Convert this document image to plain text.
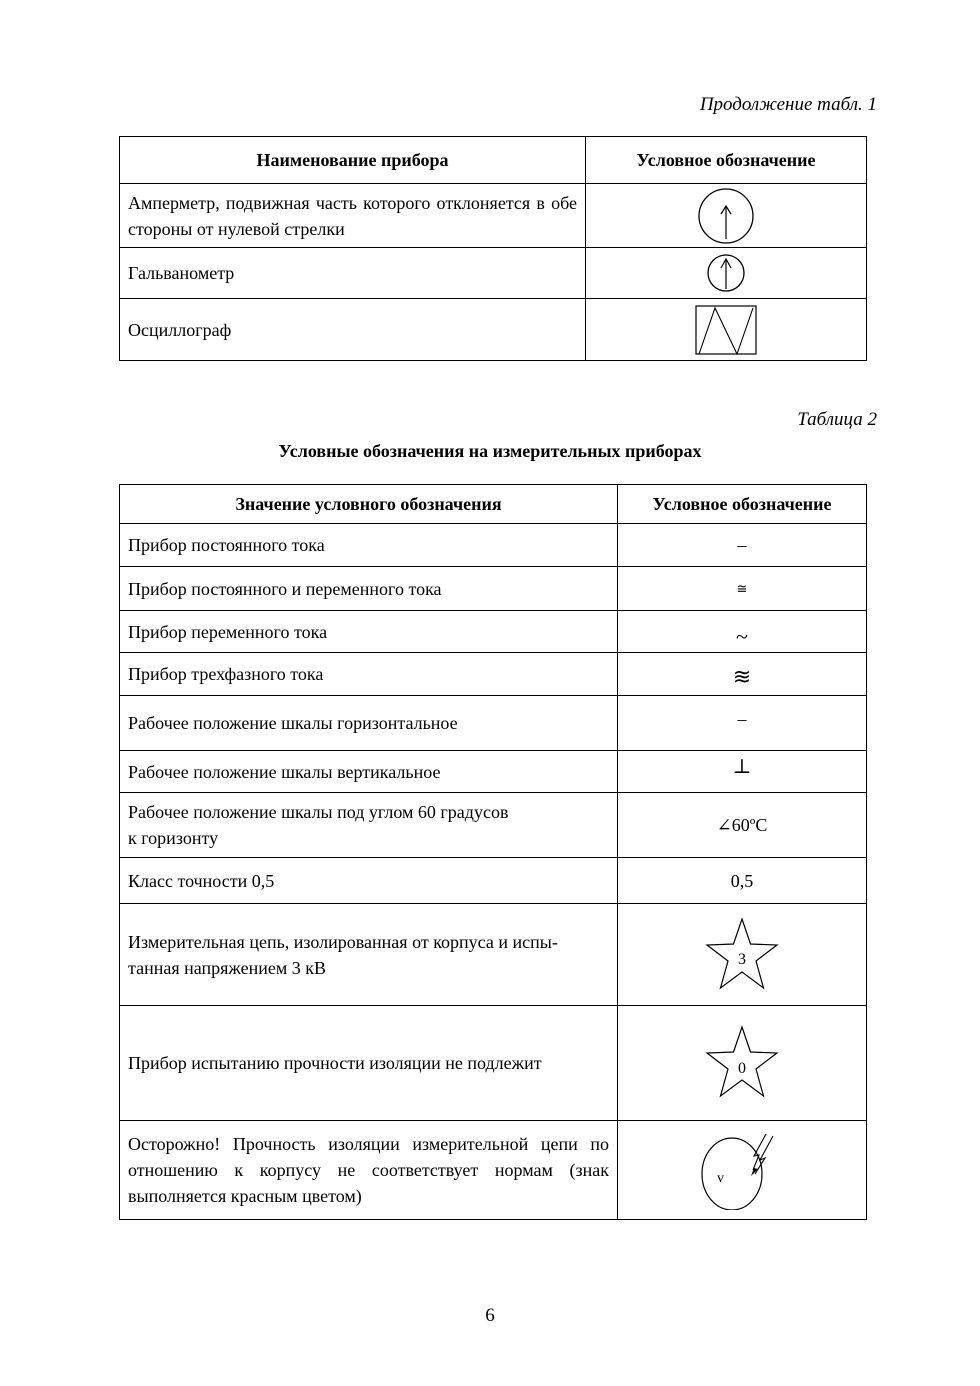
Продолжение табл. 1
Наименование прибора	Условное обозначение
Амперметр, подвижная часть которого отклоняется в обе стороны от нулевой стрелки	

Гальванометр	

Осциллограф	
Таблица 2
Условные обозначения на измерительных приборах
Значение условного обозначения	Условное обозначение
Прибор постоянного тока	–
Прибор постоянного и переменного тока	≅
Прибор переменного тока	~
Прибор трехфазного тока	≋
Рабочее положение шкалы горизонтальное	–
Рабочее положение шкалы вертикальное	⊥

Рабочее положение шкалы под углом 60 градусов
к горизонту	∠60ºC
Класс точности 0,5	0,5

Измерительная цепь, изолированная от корпуса и испы-
танная напряжением 3 кВ	3

Прибор испытанию прочности изоляции не подлежит	0

Осторожно! Прочность изоляции измерительной цепи по отношению к корпусу не соответствует нормам (знак выполняется красным цветом)	v
6
